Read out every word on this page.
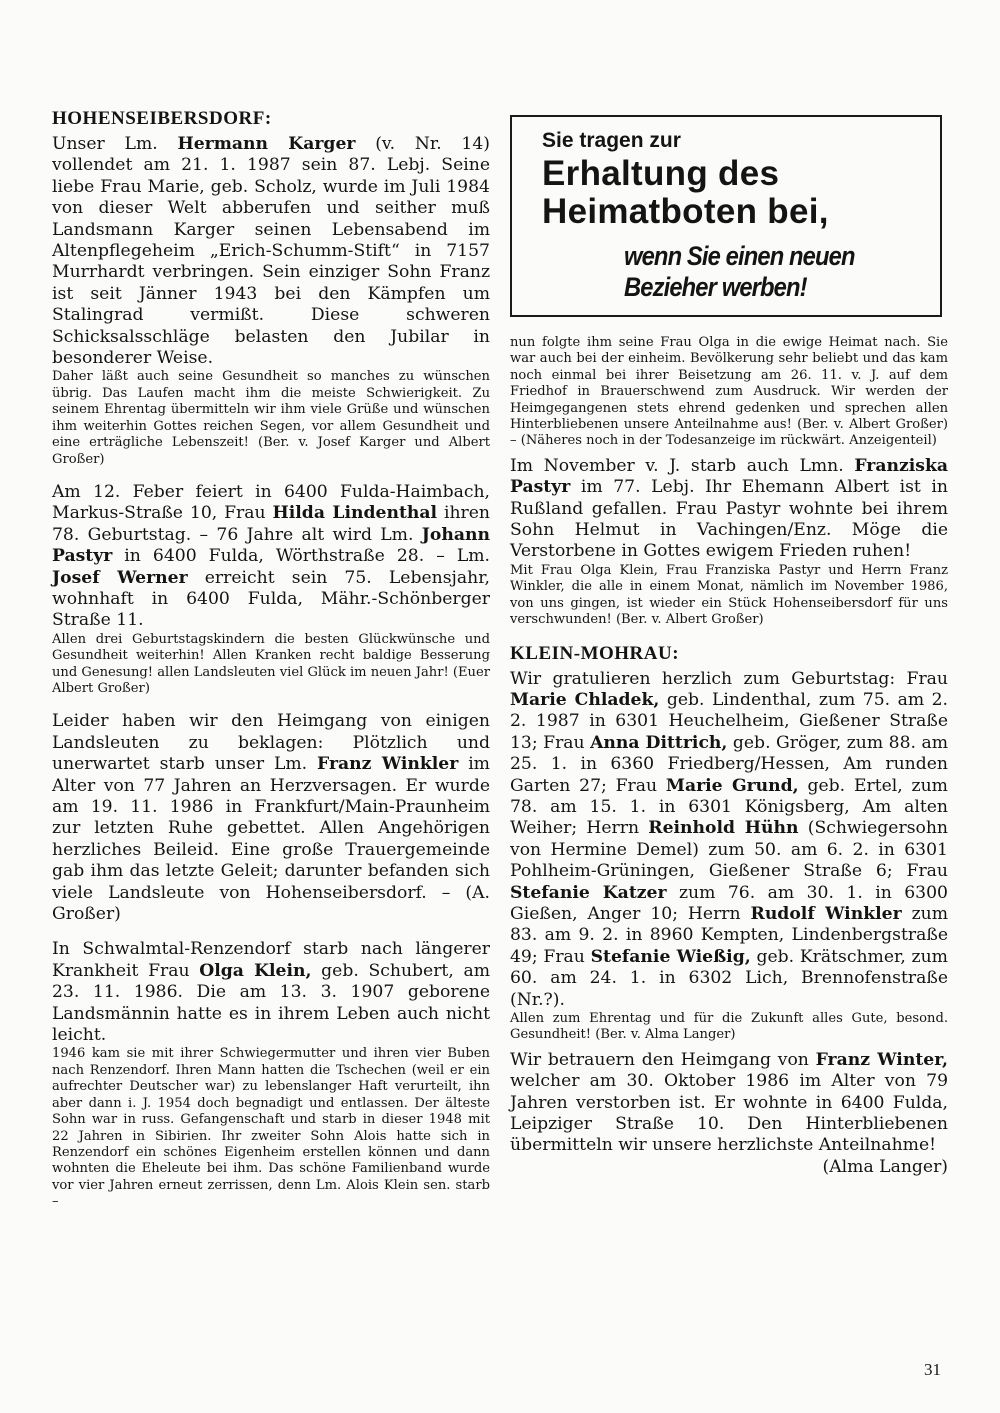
HOHENSEIBERSDORF:

Unser Lm. Hermann Karger (v. Nr. 14) vollendet am 21. 1. 1987 sein 87. Lebj. Seine liebe Frau Marie, geb. Scholz, wurde im Juli 1984 von dieser Welt abberufen und seither muß Landsmann Karger seinen Lebensabend im Altenpflegeheim „Erich-Schumm-Stift“ in 7157 Murrhardt verbringen. Sein einziger Sohn Franz ist seit Jänner 1943 bei den Kämpfen um Stalingrad vermißt. Diese schweren Schicksalsschläge belasten den Jubilar in besonderer Weise.

Daher läßt auch seine Gesundheit so manches zu wünschen übrig. Das Laufen macht ihm die meiste Schwierigkeit. Zu seinem Ehrentag übermitteln wir ihm viele Grüße und wünschen ihm weiterhin Gottes reichen Segen, vor allem Gesundheit und eine erträgliche Lebenszeit! (Ber. v. Josef Karger und Albert Großer)

Am 12. Feber feiert in 6400 Fulda-Haimbach, Markus-Straße 10, Frau Hilda Lindenthal ihren 78. Geburtstag. – 76 Jahre alt wird Lm. Johann Pastyr in 6400 Fulda, Wörthstraße 28. – Lm. Josef Werner erreicht sein 75. Lebensjahr, wohnhaft in 6400 Fulda, Mähr.-Schönberger Straße 11.

Allen drei Geburtstagskindern die besten Glückwünsche und Gesundheit weiterhin! Allen Kranken recht baldige Besserung und Genesung! allen Landsleuten viel Glück im neuen Jahr! (Euer Albert Großer)

Leider haben wir den Heimgang von einigen Landsleuten zu beklagen: Plötzlich und unerwartet starb unser Lm. Franz Winkler im Alter von 77 Jahren an Herzversagen. Er wurde am 19. 11. 1986 in Frankfurt/Main-Praunheim zur letzten Ruhe gebettet. Allen Angehörigen herzliches Beileid. Eine große Trauergemeinde gab ihm das letzte Geleit; darunter befanden sich viele Landsleute von Hohenseibersdorf. – (A. Großer)

In Schwalmtal-Renzendorf starb nach längerer Krankheit Frau Olga Klein, geb. Schubert, am 23. 11. 1986. Die am 13. 3. 1907 geborene Landsmännin hatte es in ihrem Leben auch nicht leicht.

1946 kam sie mit ihrer Schwiegermutter und ihren vier Buben nach Renzendorf. Ihren Mann hatten die Tschechen (weil er ein aufrechter Deutscher war) zu lebenslanger Haft verurteilt, ihn aber dann i. J. 1954 doch begnadigt und entlassen. Der älteste Sohn war in russ. Gefangenschaft und starb in dieser 1948 mit 22 Jahren in Sibirien. Ihr zweiter Sohn Alois hatte sich in Renzendorf ein schönes Eigenheim erstellen können und dann wohnten die Eheleute bei ihm. Das schöne Familienband wurde vor vier Jahren erneut zerrissen, denn Lm. Alois Klein sen. starb –

Sie tragen zur
Erhaltung des
Heimatboten bei,
wenn Sie einen neuen
Bezieher werben!

nun folgte ihm seine Frau Olga in die ewige Heimat nach. Sie war auch bei der einheim. Bevölkerung sehr beliebt und das kam noch einmal bei ihrer Beisetzung am 26. 11. v. J. auf dem Friedhof in Brauerschwend zum Ausdruck. Wir werden der Heimgegangenen stets ehrend gedenken und sprechen allen Hinterbliebenen unsere Anteilnahme aus! (Ber. v. Albert Großer) – (Näheres noch in der Todesanzeige im rückwärt. Anzeigenteil)

Im November v. J. starb auch Lmn. Franziska Pastyr im 77. Lebj. Ihr Ehemann Albert ist in Rußland gefallen. Frau Pastyr wohnte bei ihrem Sohn Helmut in Vachingen/Enz. Möge die Verstorbene in Gottes ewigem Frieden ruhen!

Mit Frau Olga Klein, Frau Franziska Pastyr und Herrn Franz Winkler, die alle in einem Monat, nämlich im November 1986, von uns gingen, ist wieder ein Stück Hohenseibersdorf für uns verschwunden! (Ber. v. Albert Großer)

KLEIN-MOHRAU:

Wir gratulieren herzlich zum Geburtstag: Frau Marie Chladek, geb. Lindenthal, zum 75. am 2. 2. 1987 in 6301 Heuchelheim, Gießener Straße 13; Frau Anna Dittrich, geb. Gröger, zum 88. am 25. 1. in 6360 Friedberg/Hessen, Am runden Garten 27; Frau Marie Grund, geb. Ertel, zum 78. am 15. 1. in 6301 Königsberg, Am alten Weiher; Herrn Reinhold Hühn (Schwiegersohn von Hermine Demel) zum 50. am 6. 2. in 6301 Pohlheim-Grüningen, Gießener Straße 6; Frau Stefanie Katzer zum 76. am 30. 1. in 6300 Gießen, Anger 10; Herrn Rudolf Winkler zum 83. am 9. 2. in 8960 Kempten, Lindenbergstraße 49; Frau Stefanie Wießig, geb. Krätschmer, zum 60. am 24. 1. in 6302 Lich, Brennofenstraße (Nr.?).

Allen zum Ehrentag und für die Zukunft alles Gute, besond. Gesundheit! (Ber. v. Alma Langer)

Wir betrauern den Heimgang von Franz Winter, welcher am 30. Oktober 1986 im Alter von 79 Jahren verstorben ist. Er wohnte in 6400 Fulda, Leipziger Straße 10. Den Hinterbliebenen übermitteln wir unsere herzlichste Anteilnahme!
(Alma Langer)

31
